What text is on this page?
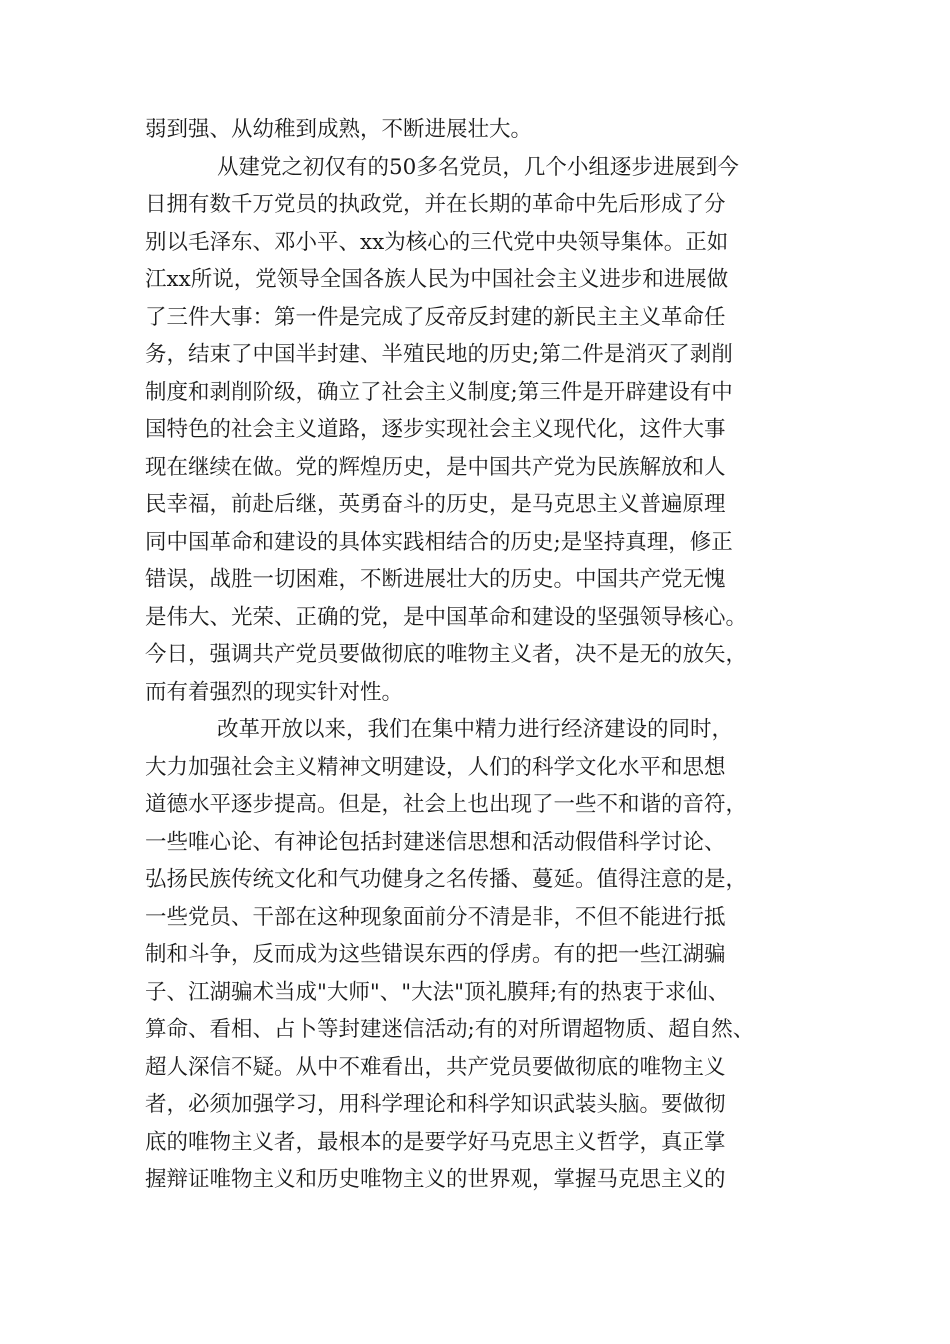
弱到强、从幼稚到成熟，不断进展壮大。
从建党之初仅有的50多名党员，几个小组逐步进展到今
日拥有数千万党员的执政党，并在长期的革命中先后形成了分
别以毛泽东、邓小平、xx为核心的三代党中央领导集体。正如
江xx所说，党领导全国各族人民为中国社会主义进步和进展做
了三件大事：第一件是完成了反帝反封建的新民主主义革命任
务，结束了中国半封建、半殖民地的历史;第二件是消灭了剥削
制度和剥削阶级，确立了社会主义制度;第三件是开辟建设有中
国特色的社会主义道路，逐步实现社会主义现代化，这件大事
现在继续在做。党的辉煌历史，是中国共产党为民族解放和人
民幸福，前赴后继，英勇奋斗的历史，是马克思主义普遍原理
同中国革命和建设的具体实践相结合的历史;是坚持真理，修正
错误，战胜一切困难，不断进展壮大的历史。中国共产党无愧
是伟大、光荣、正确的党，是中国革命和建设的坚强领导核心。
今日，强调共产党员要做彻底的唯物主义者，决不是无的放矢，
而有着强烈的现实针对性。
改革开放以来，我们在集中精力进行经济建设的同时，
大力加强社会主义精神文明建设，人们的科学文化水平和思想
道德水平逐步提高。但是，社会上也出现了一些不和谐的音符，
一些唯心论、有神论包括封建迷信思想和活动假借科学讨论、
弘扬民族传统文化和气功健身之名传播、蔓延。值得注意的是，
一些党员、干部在这种现象面前分不清是非，不但不能进行抵
制和斗争，反而成为这些错误东西的俘虏。有的把一些江湖骗
子、江湖骗术当成"大师"、"大法"顶礼膜拜;有的热衷于求仙、
算命、看相、占卜等封建迷信活动;有的对所谓超物质、超自然、
超人深信不疑。从中不难看出，共产党员要做彻底的唯物主义
者，必须加强学习，用科学理论和科学知识武装头脑。要做彻
底的唯物主义者，最根本的是要学好马克思主义哲学，真正掌
握辩证唯物主义和历史唯物主义的世界观，掌握马克思主义的
